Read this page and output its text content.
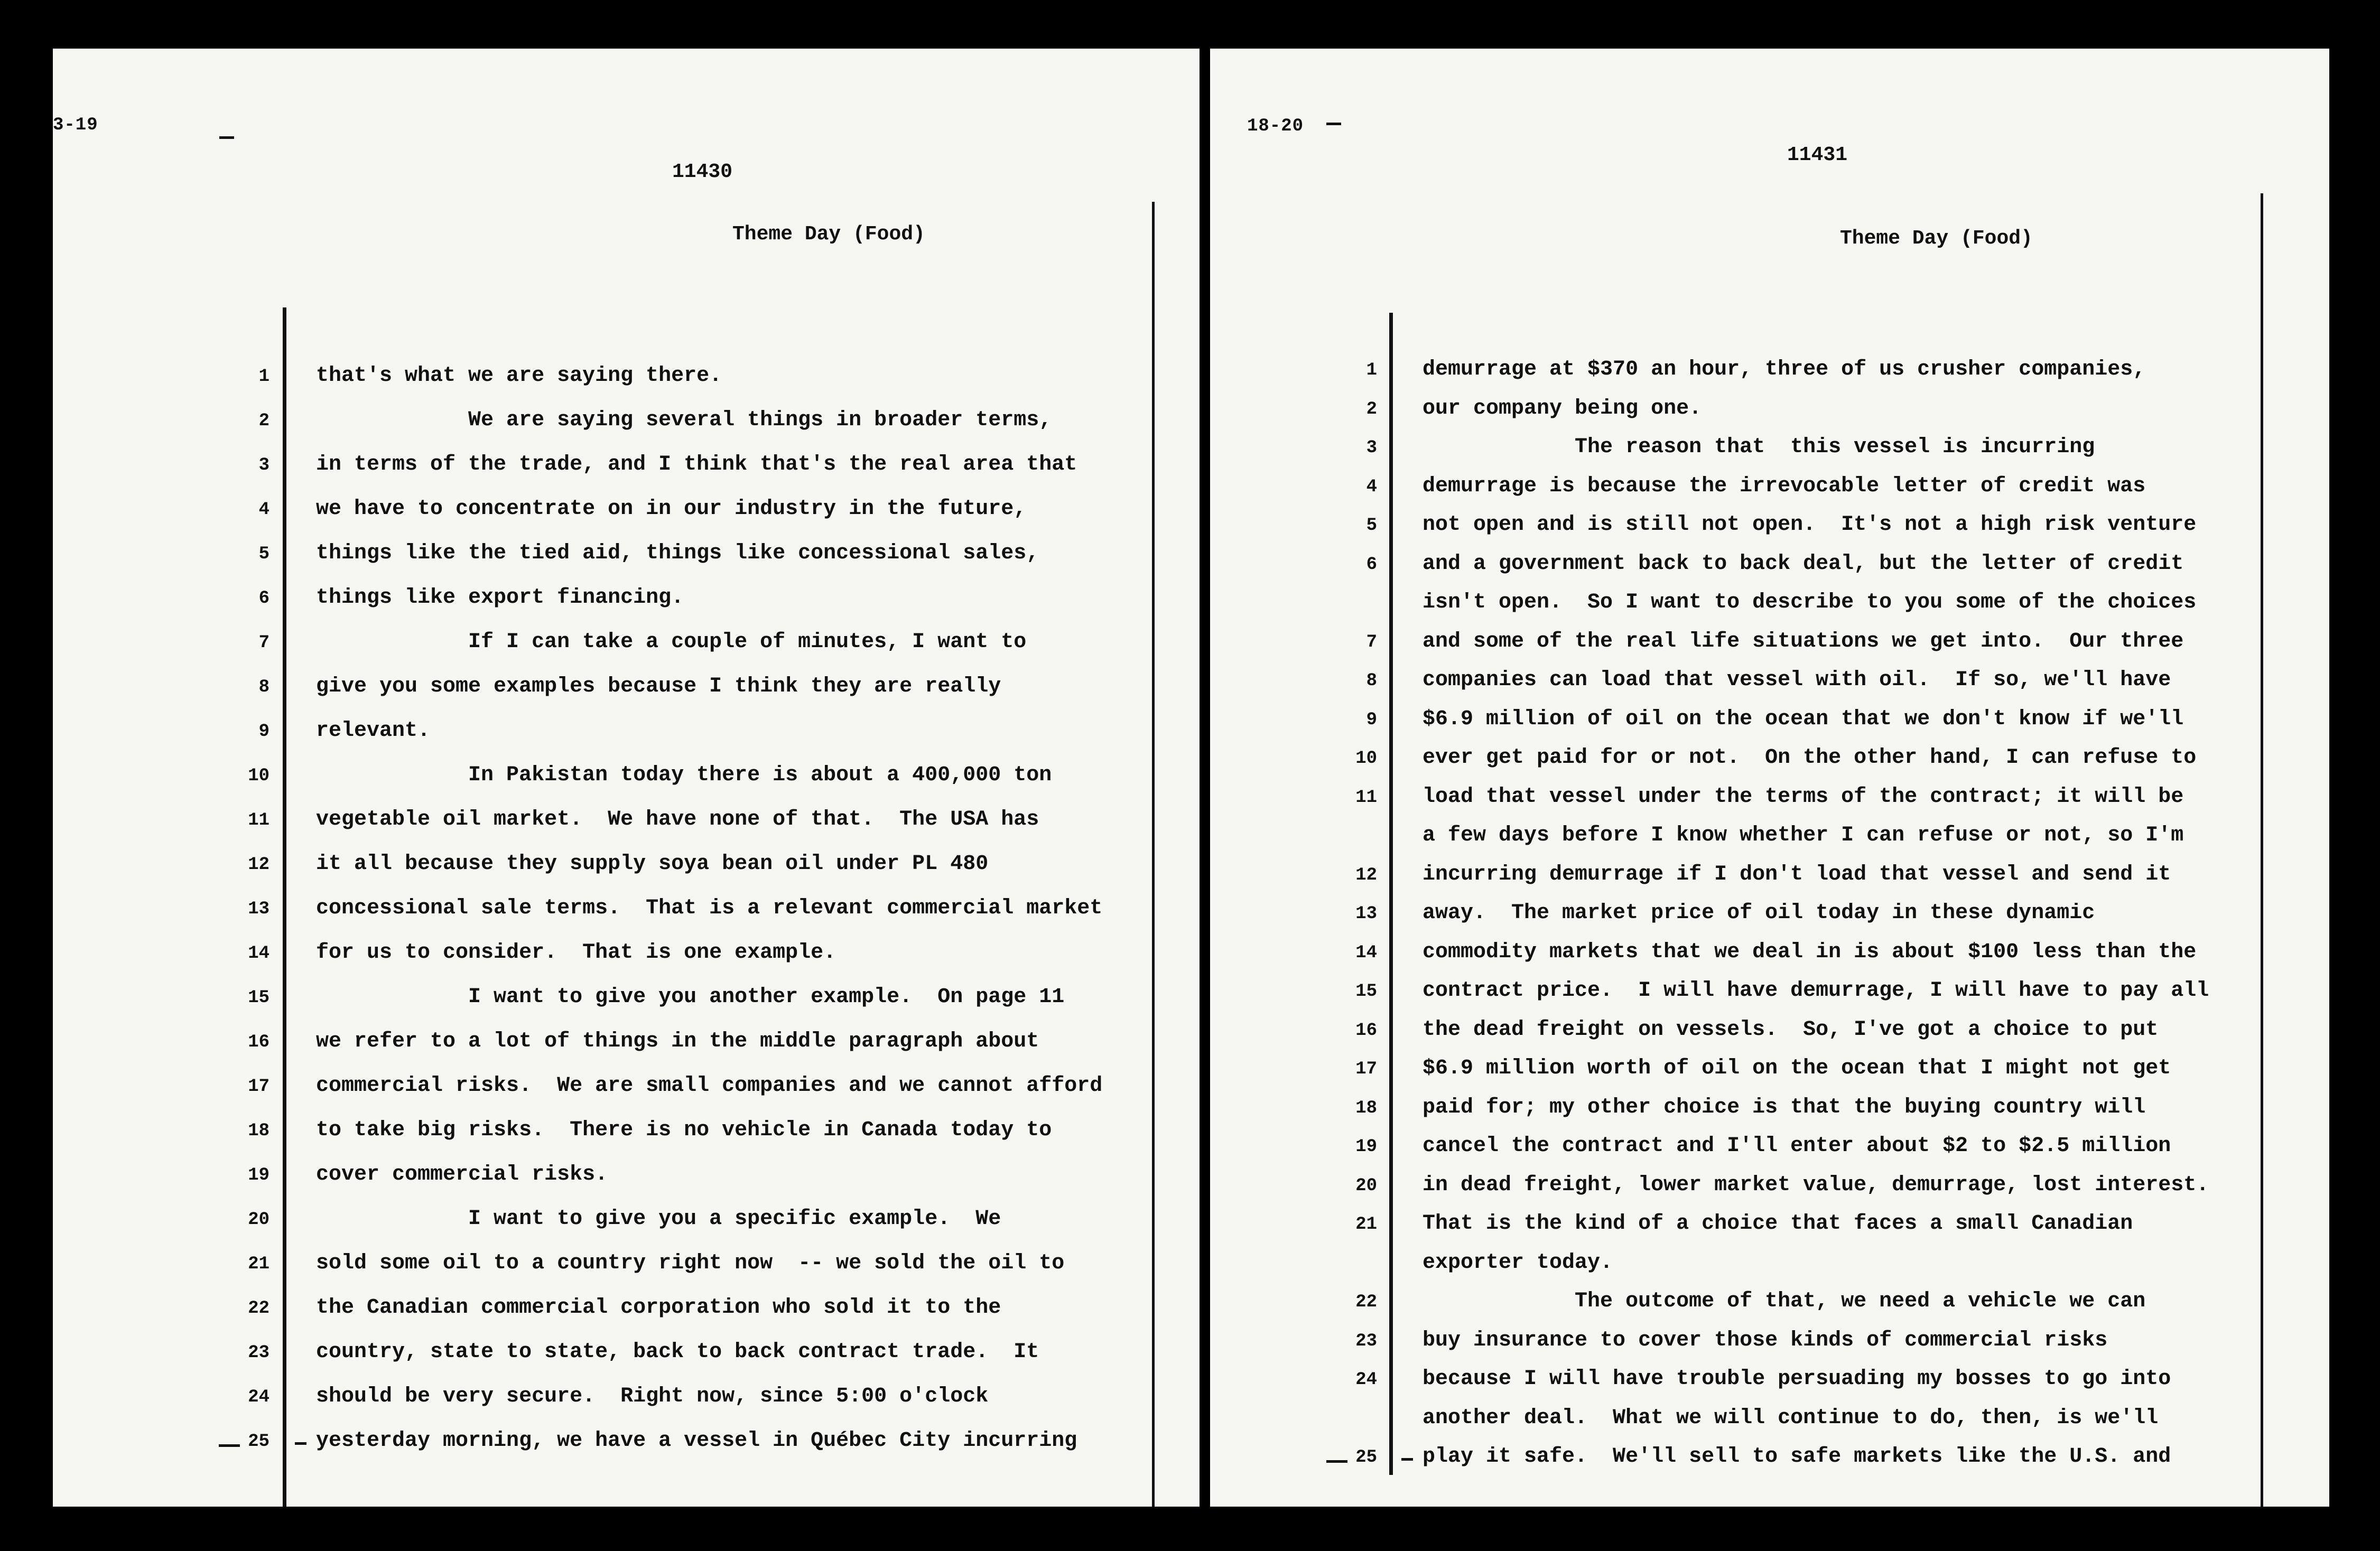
3-19
11430
Theme Day (Food)
1 that's what we are saying there.
2 We are saying several things in broader terms,
3 in terms of the trade, and I think that's the real area that
4 we have to concentrate on in our industry in the future,
5 things like the tied aid, things like concessional sales,
6 things like export financing.
7 If I can take a couple of minutes, I want to
8 give you some examples because I think they are really
9 relevant.
10 In Pakistan today there is about a 400,000 ton
11 vegetable oil market.  We have none of that.  The USA has
12 it all because they supply soya bean oil under PL 480
13 concessional sale terms.  That is a relevant commercial market
14 for us to consider.  That is one example.
15 I want to give you another example.  On page 11
16 we refer to a lot of things in the middle paragraph about
17 commercial risks.  We are small companies and we cannot afford
18 to take big risks.  There is no vehicle in Canada today to
19 cover commercial risks.
20 I want to give you a specific example.  We
21 sold some oil to a country right now  -- we sold the oil to
22 the Canadian commercial corporation who sold it to the
23 country, state to state, back to back contract trade.  It
24 should be very secure.  Right now, since 5:00 o'clock
25 yesterday morning, we have a vessel in Québec City incurring
18-20
11431
Theme Day (Food)
1 demurrage at $370 an hour, three of us crusher companies,
2 our company being one.
3 The reason that  this vessel is incurring
4 demurrage is because the irrevocable letter of credit was
5 not open and is still not open.  It's not a high risk venture
6 and a government back to back deal, but the letter of credit
isn't open.  So I want to describe to you some of the choices
7 and some of the real life situations we get into.  Our three
8 companies can load that vessel with oil.  If so, we'll have
9 $6.9 million of oil on the ocean that we don't know if we'll
10 ever get paid for or not.  On the other hand, I can refuse to
11 load that vessel under the terms of the contract; it will be
a few days before I know whether I can refuse or not, so I'm
12 incurring demurrage if I don't load that vessel and send it
13 away.  The market price of oil today in these dynamic
14 commodity markets that we deal in is about $100 less than the
15 contract price.  I will have demurrage, I will have to pay all
16 the dead freight on vessels.  So, I've got a choice to put
17 $6.9 million worth of oil on the ocean that I might not get
18 paid for; my other choice is that the buying country will
19 cancel the contract and I'll enter about $2 to $2.5 million
20 in dead freight, lower market value, demurrage, lost interest.
21 That is the kind of a choice that faces a small Canadian
exporter today.
22 The outcome of that, we need a vehicle we can
23 buy insurance to cover those kinds of commercial risks
24 because I will have trouble persuading my bosses to go into
another deal.  What we will continue to do, then, is we'll
25 play it safe.  We'll sell to safe markets like the U.S. and
